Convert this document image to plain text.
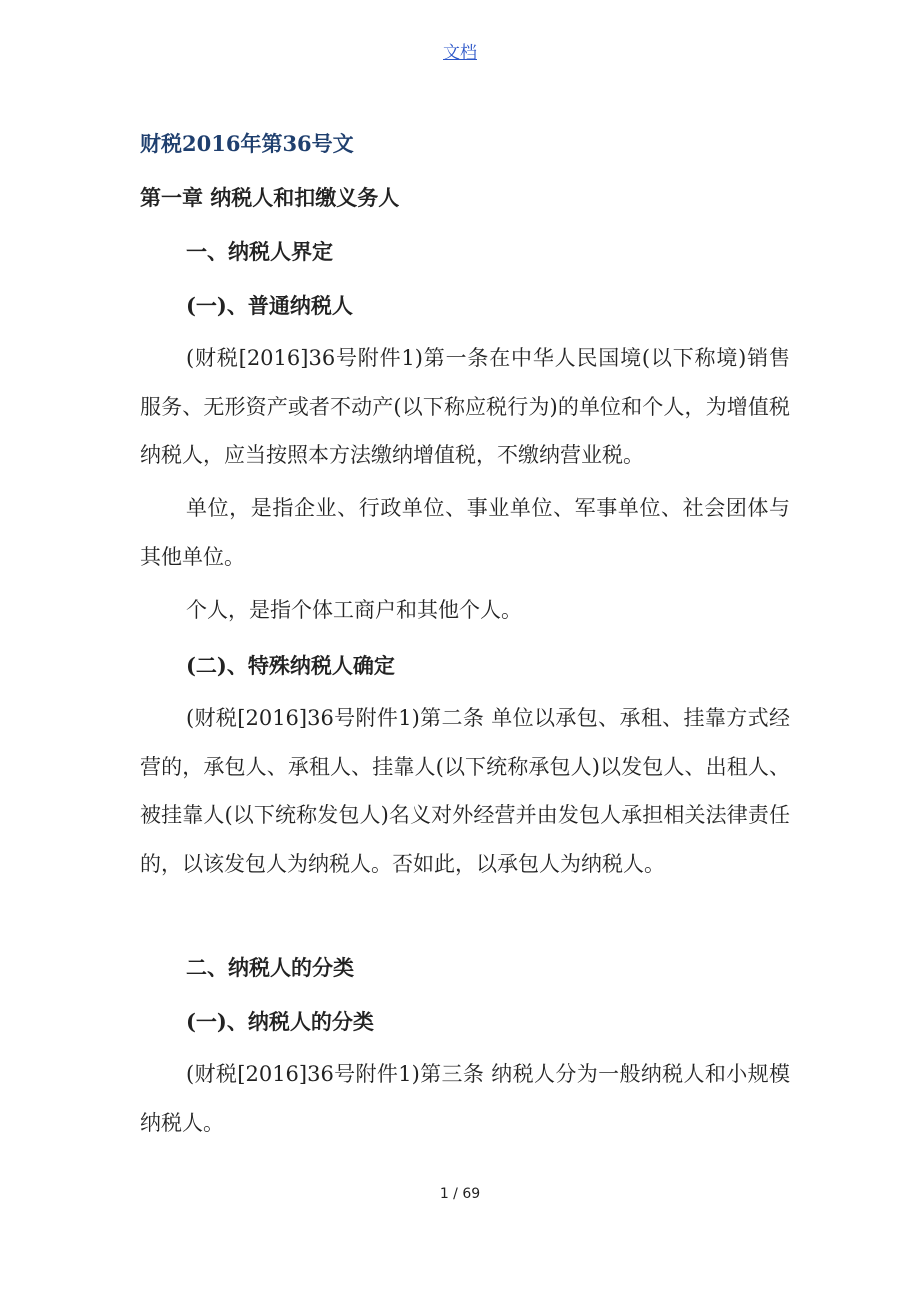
文档
财税2016年第36号文
第一章 纳税人和扣缴义务人
一、纳税人界定
(一)、普通纳税人
(财税[2016]36号附件1)第一条在中华人民国境(以下称境)销售服务、无形资产或者不动产(以下称应税行为)的单位和个人，为增值税纳税人，应当按照本方法缴纳增值税，不缴纳营业税。
单位，是指企业、行政单位、事业单位、军事单位、社会团体与其他单位。
个人，是指个体工商户和其他个人。
(二)、特殊纳税人确定
(财税[2016]36号附件1)第二条 单位以承包、承租、挂靠方式经营的，承包人、承租人、挂靠人(以下统称承包人)以发包人、出租人、被挂靠人(以下统称发包人)名义对外经营并由发包人承担相关法律责任的，以该发包人为纳税人。否如此，以承包人为纳税人。
二、纳税人的分类
(一)、纳税人的分类
(财税[2016]36号附件1)第三条 纳税人分为一般纳税人和小规模纳税人。
1 / 69
